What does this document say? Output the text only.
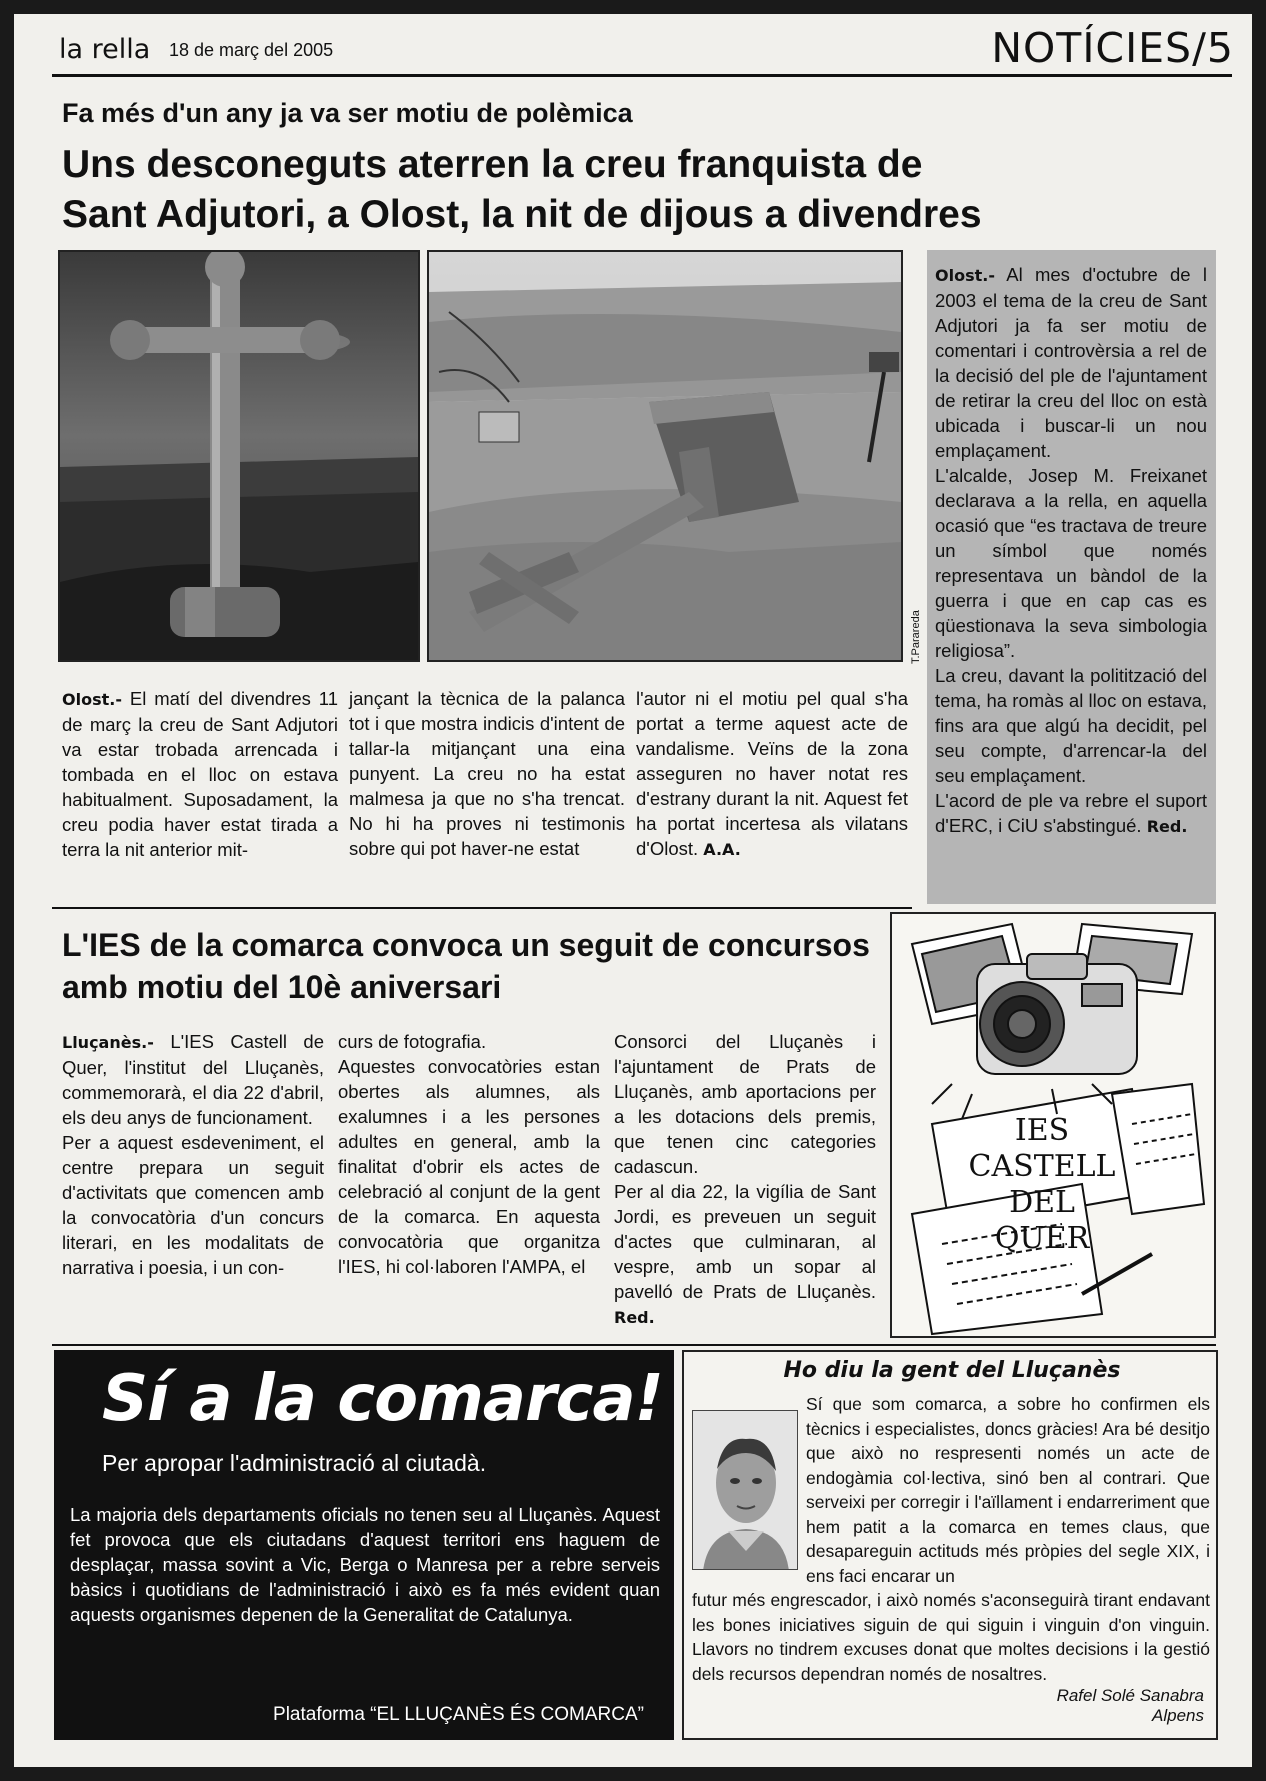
la rella 18 de març del 2005	NOTÍCIES/5
Fa més d'un any ja va ser motiu de polèmica
Uns desconeguts aterren la creu franquista de Sant Adjutori, a Olost, la nit de dijous a divendres
T.Parareda
Olost.- El matí del divendres 11 de març la creu de Sant Adjutori va estar trobada arrencada i tombada en el lloc on estava habitualment. Suposadament, la creu podia haver estat tirada a terra la nit anterior mit-
jançant la tècnica de la palanca tot i que mostra indicis d'intent de tallar-la mitjançant una eina punyent. La creu no ha estat malmesa ja que no s'ha trencat. No hi ha proves ni testimonis sobre qui pot haver-ne estat
l'autor ni el motiu pel qual s'ha portat a terme aquest acte de vandalisme. Veïns de la zona asseguren no haver notat res d'estrany durant la nit. Aquest fet ha portat incertesa als vilatans d'Olost. A.A.
Olost.- Al mes d'octubre de l 2003 el tema de la creu de Sant Adjutori ja fa ser motiu de comentari i controvèrsia a rel de la decisió del ple de l'ajuntament de retirar la creu del lloc on està ubicada i buscar-li un nou emplaçament.
L'alcalde, Josep M. Freixanet declarava a la rella, en aquella ocasió que “es tractava de treure un símbol que només representava un bàndol de la guerra i que en cap cas es qüestionava la seva simbologia religiosa”.
La creu, davant la politització del tema, ha romàs al lloc on estava, fins ara que algú ha decidit, pel seu compte, d'arrencar-la del seu emplaçament.
L'acord de ple va rebre el suport d'ERC, i CiU s'abstingué. Red.
L'IES de la comarca convoca un seguit de concursos amb motiu del 10è aniversari
Lluçanès.- L'IES Castell de Quer, l'institut del Lluçanès, commemorarà, el dia 22 d'abril, els deu anys de funcionament.
Per a aquest esdeveniment, el centre prepara un seguit d'activitats que comencen amb la convocatòria d'un concurs literari, en les modalitats de narrativa i poesia, i un con-
curs de fotografia.
Aquestes convocatòries estan obertes als alumnes, als exalumnes i a les persones adultes en general, amb la finalitat d'obrir els actes de celebració al conjunt de la gent de la comarca. En aquesta convocatòria que organitza l'IES, hi col·laboren l'AMPA, el
Consorci del Lluçanès i l'ajuntament de Prats de Lluçanès, amb aportacions per a les dotacions dels premis, que tenen cinc categories cadascun.
Per al dia 22, la vigília de Sant Jordi, es preveuen un seguit d'actes que culminaran, al vespre, amb un sopar al pavelló de Prats de Lluçanès. Red.
IES
CASTELL
DEL
QUER
Sí a la comarca!
Per apropar l'administració al ciutadà.
La majoria dels departaments oficials no tenen seu al Lluçanès. Aquest fet provoca que els ciutadans d'aquest territori ens haguem de desplaçar, massa sovint a Vic, Berga o Manresa per a rebre serveis bàsics i quotidians de l'administració i això es fa més evident quan aquests organismes depenen de la Generalitat de Catalunya.
Plataforma “EL LLUÇANÈS ÉS COMARCA”
Ho diu la gent del Lluçanès
Sí que som comarca, a sobre ho confirmen els tècnics i especialistes, doncs gràcies! Ara bé desitjo que això no respresenti només un acte de endogàmia col·lectiva, sinó ben al contrari. Que serveixi per corregir i l'aïllament i endarreriment que hem patit a la comarca en temes claus, que desapareguin actituds més pròpies del segle XIX, i ens faci encarar un
futur més engrescador, i això només s'aconseguirà tirant endavant les bones iniciatives siguin de qui siguin i vinguin d'on vinguin. Llavors no tindrem excuses donat que moltes decisions i la gestió dels recursos dependran només de nosaltres.
Rafel Solé Sanabra
Alpens
